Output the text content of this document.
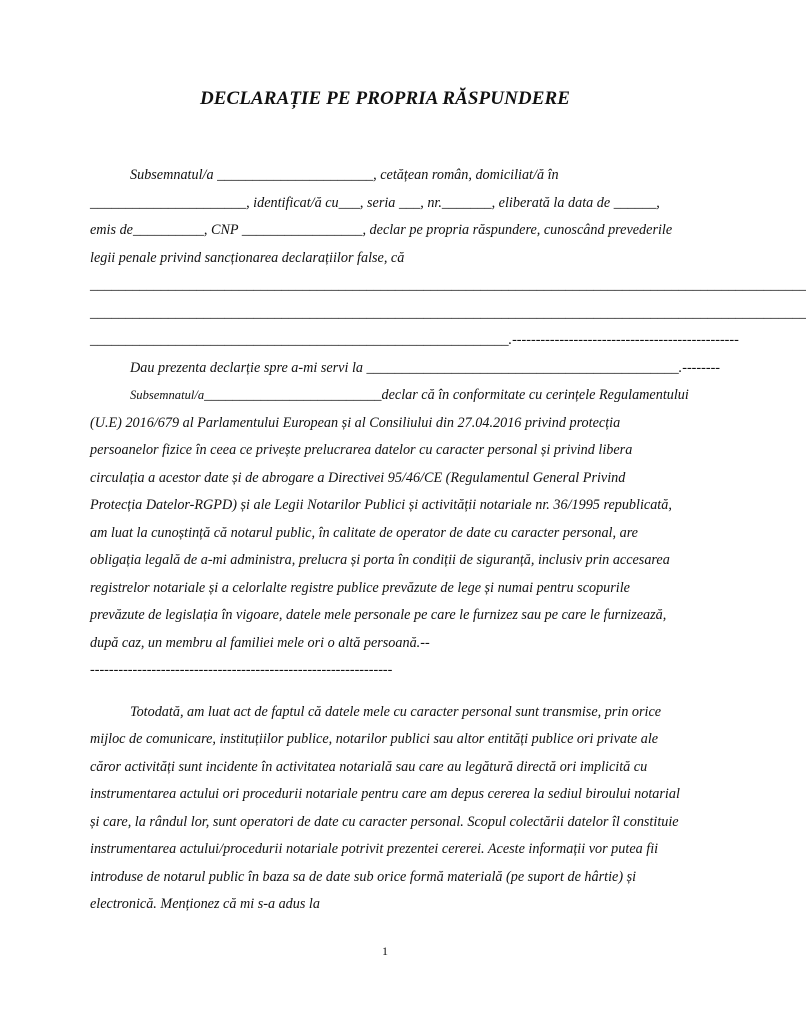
DECLARAȚIE PE PROPRIA RĂSPUNDERE
Subsemnatul/a ______________________, cetățean român, domiciliat/ă în ______________________, identificat/ă cu___, seria ___, nr._______, eliberată la data de ______, emis de__________, CNP _________________, declar pe propria răspundere, cunoscând prevederile legii penale privind sancționarea declarațiilor false, că
_____________________________________________________________________________________________________
_____________________________________________________________________________________________________
___________________________________________________________.------------------------------------------------
Dau prezenta declarție spre a-mi servi la ____________________________________________.--------
Subsemnatul/a_________________________declar că în conformitate cu cerințele Regulamentului
(U.E) 2016/679 al Parlamentului European și al Consiliului din 27.04.2016 privind protecția persoanelor fizice în ceea ce privește prelucrarea datelor cu caracter personal și privind libera circulația a acestor date și de abrogare a Directivei 95/46/CE (Regulamentul General Privind Protecția Datelor-RGPD) și ale Legii Notarilor Publici și activității notariale nr. 36/1995 republicată, am luat la cunoștință că notarul public, în calitate de operator de date cu caracter personal, are obligația legală de a-mi administra, prelucra și porta în condiții de siguranță, inclusiv prin accesarea registrelor notariale și a celorlalte registre publice prevăzute de lege și numai pentru scopurile prevăzute de legislația în vigoare, datele mele personale pe care le furnizez sau pe care le furnizează, după caz, un membru al familiei mele ori o altă persoană.--
----------------------------------------------------------------
Totodată, am luat act de faptul că datele mele cu caracter personal sunt transmise, prin orice mijloc de comunicare, instituțiilor publice, notarilor publici sau altor entități publice ori private ale căror activități sunt incidente în activitatea notarială sau care au legătură directă ori implicită cu instrumentarea actului ori procedurii notariale pentru care am depus cererea la sediul biroului notarial și care, la rândul lor, sunt operatori de date cu caracter personal. Scopul colectării datelor îl constituie instrumentarea actului/procedurii notariale potrivit prezentei cererei. Aceste informații vor putea fii introduse de notarul public în baza sa de date sub orice formă materială (pe suport de hârtie) și electronică. Menționez că mi s-a adus la
1
